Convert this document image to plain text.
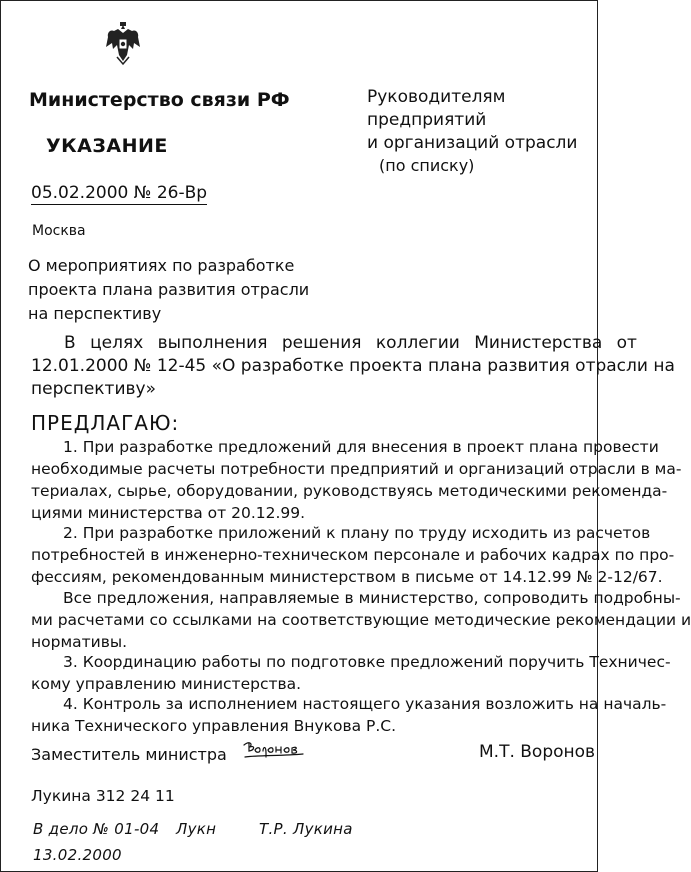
Министерство связи РФ	Руководителям предприятий
и организаций отрасли
УКАЗАНИЕ
(по списку)
05.02.2000 № 26-Вр
Москва
О мероприятиях по разработке
проекта плана развития отрасли
на перспективу
В целях выполнения решения коллегии Министерства от
12.01.2000 № 12-45 «О разработке проекта плана развития отрасли на
перспективу»
ПРЕДЛАГАЮ:
1. При разработке предложений для внесения в проект плана провести
необходимые расчеты потребности предприятий и организаций отрасли в ма-
териалах, сырье, оборудовании, руководствуясь методическими рекоменда-
циями министерства от 20.12.99.
2. При разработке приложений к плану по труду исходить из расчетов
потребностей в инженерно-техническом персонале и рабочих кадрах по про-
фессиям, рекомендованным министерством в письме от 14.12.99 № 2-12/67.
Все предложения, направляемые в министерство, сопроводить подробны-
ми расчетами со ссылками на соответствующие методические рекомендации и
нормативы.
3. Координацию работы по подготовке предложений поручить Техничес-
кому управлению министерства.
4. Контроль за исполнением настоящего указания возложить на началь-
ника Технического управления Внукова Р.С.
Заместитель министра	М.Т. Воронов
Лукина 312 24 11
В дело № 01-04 Лукн	Т.Р. Лукина
13.02.2000
